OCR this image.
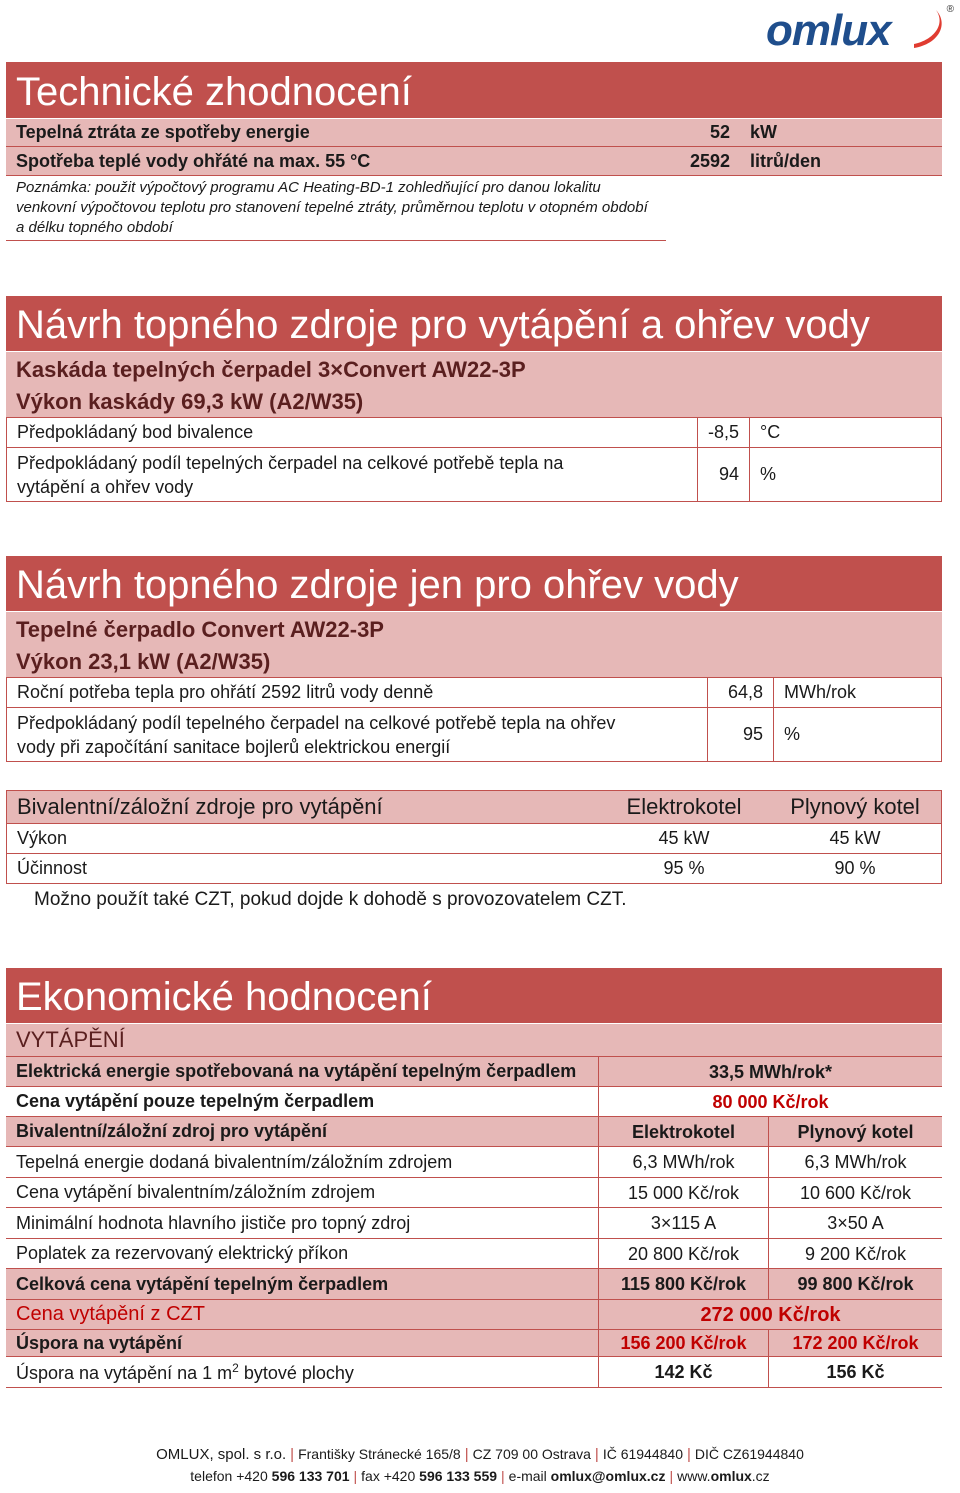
omlux	®
Technické zhodnocení
Tepelná ztráta ze spotřeby energie	52	kW
Spotřeba teplé vody ohřáté na max. 55 °C	2592	litrů/den
Poznámka: použit výpočtový programu AC Heating-BD-1 zohledňující pro danou lokalitu venkovní výpočtovou teplotu pro stanovení tepelné ztráty, průměrnou teplotu v otopném období a délku topného období
Návrh topného zdroje pro vytápění a ohřev vody
Kaskáda tepelných čerpadel 3×Convert AW22-3P
Výkon kaskády 69,3 kW (A2/W35)
Předpokládaný bod bivalence	-8,5	°C
Předpokládaný podíl tepelných čerpadel na celkové potřebě tepla na vytápění a ohřev vody
94	%
Návrh topného zdroje jen pro ohřev vody
Tepelné čerpadlo Convert AW22-3P
Výkon 23,1 kW (A2/W35)
Roční potřeba tepla pro ohřátí 2592 litrů vody denně	64,8	MWh/rok
Předpokládaný podíl tepelného čerpadel na celkové potřebě tepla na ohřev vody při započítání sanitace bojlerů elektrickou energií
95	%
Bivalentní/záložní zdroje pro vytápění	Elektrokotel	Plynový kotel
Výkon	45 kW	45 kW
Účinnost	95 %	90 %
Možno použít také CZT, pokud dojde k dohodě s provozovatelem CZT.
Ekonomické hodnocení
VYTÁPĚNÍ
Elektrická energie spotřebovaná na vytápění tepelným čerpadlem	33,5 MWh/rok*
Cena vytápění pouze tepelným čerpadlem	80 000 Kč/rok
Bivalentní/záložní zdroj pro vytápění	Elektrokotel	Plynový kotel
Tepelná energie dodaná bivalentním/záložním zdrojem	6,3 MWh/rok	6,3 MWh/rok
Cena vytápění bivalentním/záložním zdrojem	15 000 Kč/rok	10 600 Kč/rok
Minimální hodnota hlavního jističe pro topný zdroj	3×115 A	3×50 A
Poplatek za rezervovaný elektrický příkon	20 800 Kč/rok	9 200 Kč/rok
Celková cena vytápění tepelným čerpadlem	115 800 Kč/rok	99 800 Kč/rok
Cena vytápění z CZT	272 000 Kč/rok
Úspora na vytápění	156 200 Kč/rok	172 200 Kč/rok
Úspora na vytápění na 1 $m^2$ bytové plochy	142 Kč	156 Kč
OMLUX, spol. s r.o. | Františky Stránecké 165/8 | CZ 709 00 Ostrava | IČ 61944840 | DIČ CZ61944840
telefon +420 596 133 701 | fax +420 596 133 559 | e-mail omlux@omlux.cz | www.omlux.cz
